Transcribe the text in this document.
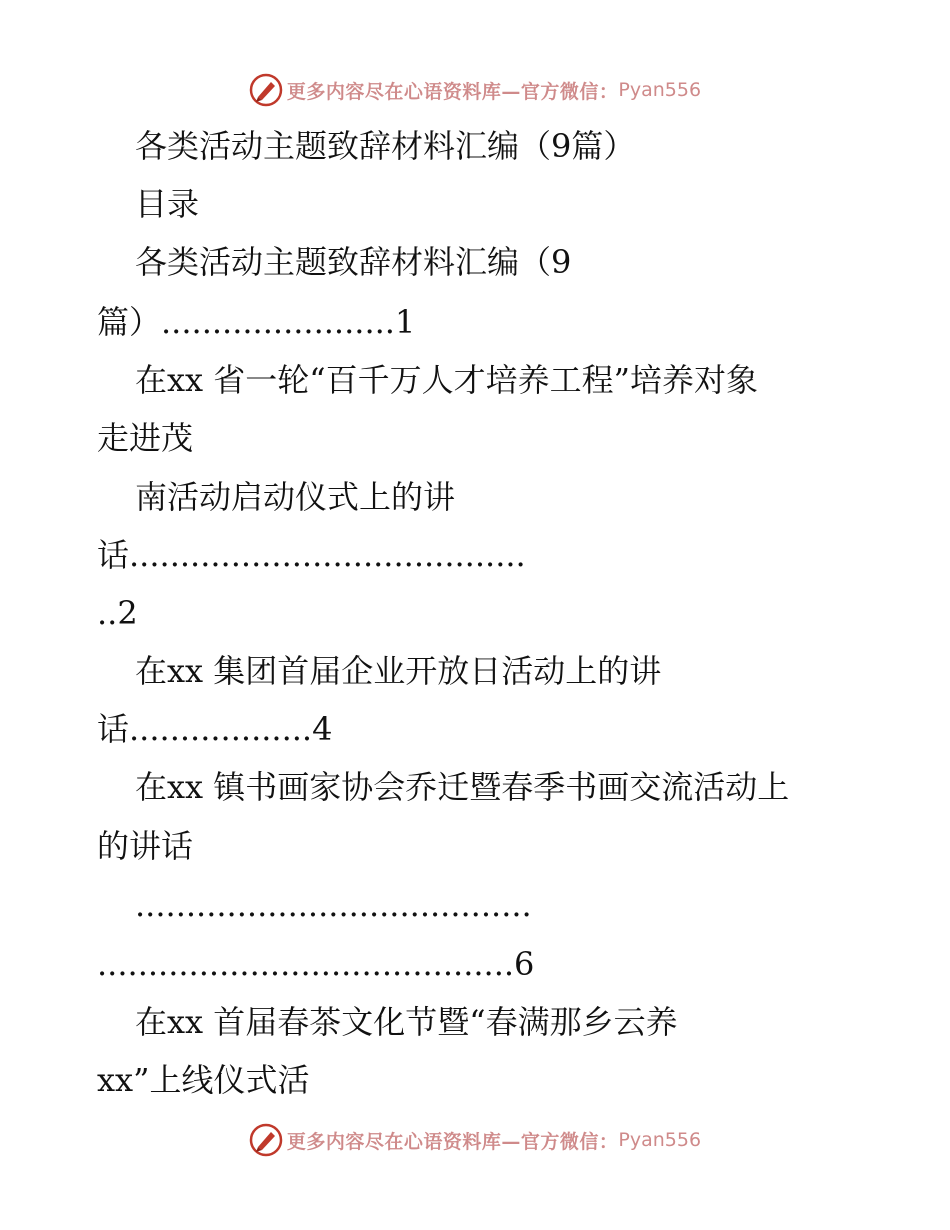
更多内容尽在心语资料库—官方微信： Pyan556
各类活动主题致辞材料汇编（9篇）
目录
各类活动主题致辞材料汇编（9
篇）.......................1
在xx 省一轮“百千万人才培养工程”培养对象
走进茂
南活动启动仪式上的讲
话.......................................
..2
在xx 集团首届企业开放日活动上的讲
话..................4
在xx 镇书画家协会乔迁暨春季书画交流活动上
的讲话
.......................................
.........................................6
在xx 首届春茶文化节暨“春满那乡云养
xx”上线仪式活
更多内容尽在心语资料库—官方微信： Pyan556
